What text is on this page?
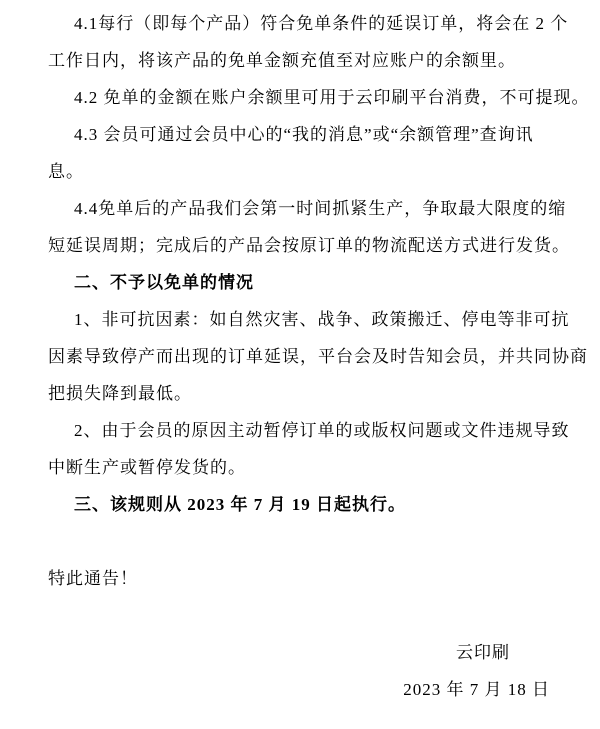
4.1每行（即每个产品）符合免单条件的延误订单，将会在 2 个
工作日内，将该产品的免单金额充值至对应账户的余额里。
4.2 免单的金额在账户余额里可用于云印刷平台消费，不可提现。
4.3 会员可通过会员中心的“我的消息”或“余额管理”查询讯
息。
4.4免单后的产品我们会第一时间抓紧生产，争取最大限度的缩
短延误周期；完成后的产品会按原订单的物流配送方式进行发货。
二、不予以免单的情况
1、非可抗因素：如自然灾害、战争、政策搬迁、停电等非可抗
因素导致停产而出现的订单延误，平台会及时告知会员，并共同协商
把损失降到最低。
2、由于会员的原因主动暂停订单的或版权问题或文件违规导致
中断生产或暂停发货的。
三、该规则从 2023 年 7 月 19 日起执行。

特此通告！

云印刷
2023 年 7 月 18 日
